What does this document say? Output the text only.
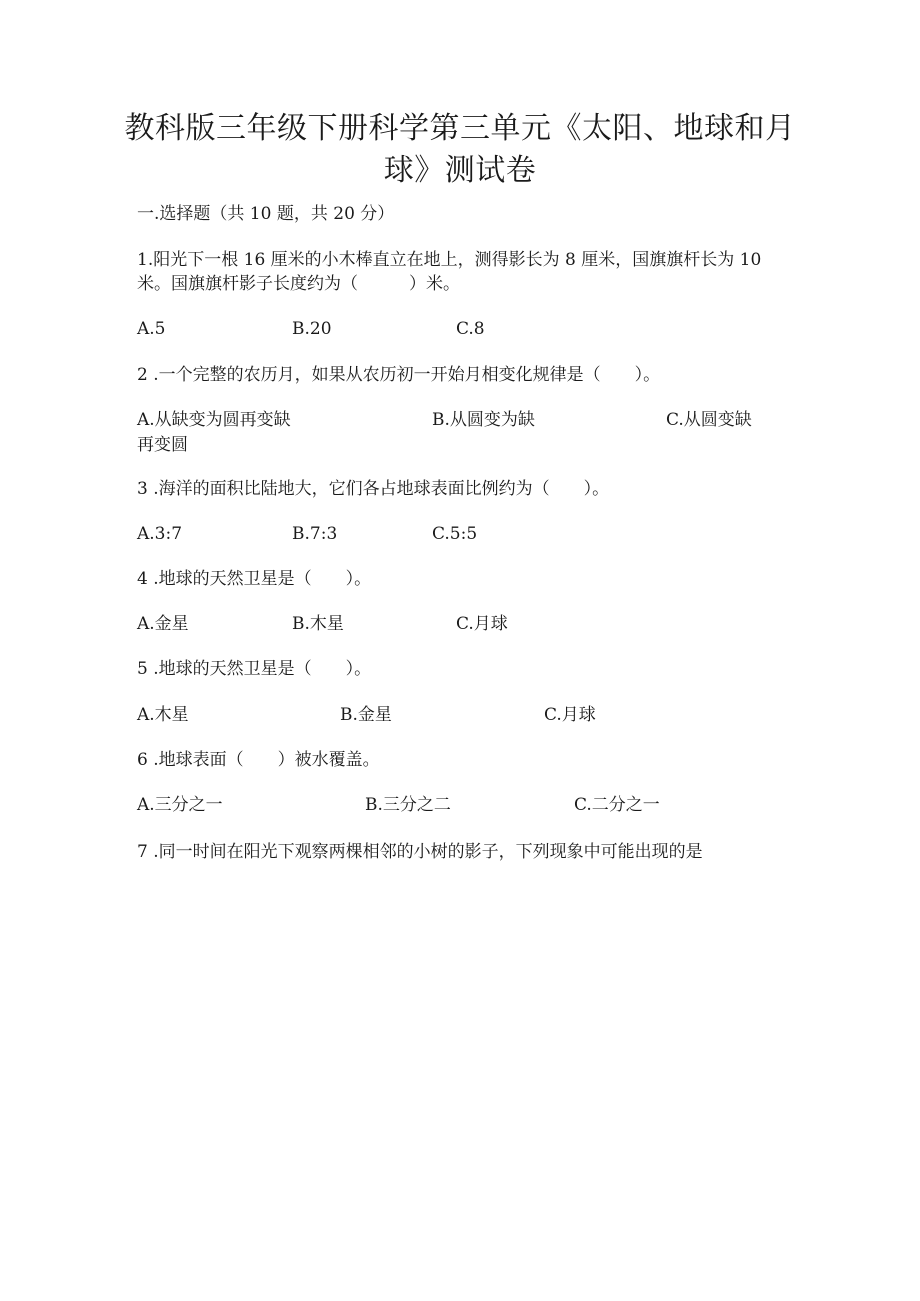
教科版三年级下册科学第三单元《太阳、地球和月球》测试卷
一.选择题（共 10 题，共 20 分）
1.阳光下一根 16 厘米的小木棒直立在地上，测得影长为 8 厘米，国旗旗杆长为 10 米。国旗旗杆影子长度约为（　　　）米。
A.5	B.20	C.8
2 .一个完整的农历月，如果从农历初一开始月相变化规律是（　　）。
A.从缺变为圆再变缺	B.从圆变为缺	C.从圆变缺
再变圆
3 .海洋的面积比陆地大，它们各占地球表面比例约为（　　）。
A.3:7	B.7:3	C.5:5
4 .地球的天然卫星是（　　）。
A.金星	B.木星	C.月球
5 .地球的天然卫星是（　　）。
A.木星	B.金星	C.月球
6 .地球表面（　　）被水覆盖。
A.三分之一	B.三分之二	C.二分之一
7 .同一时间在阳光下观察两棵相邻的小树的影子，下列现象中可能出现的是
